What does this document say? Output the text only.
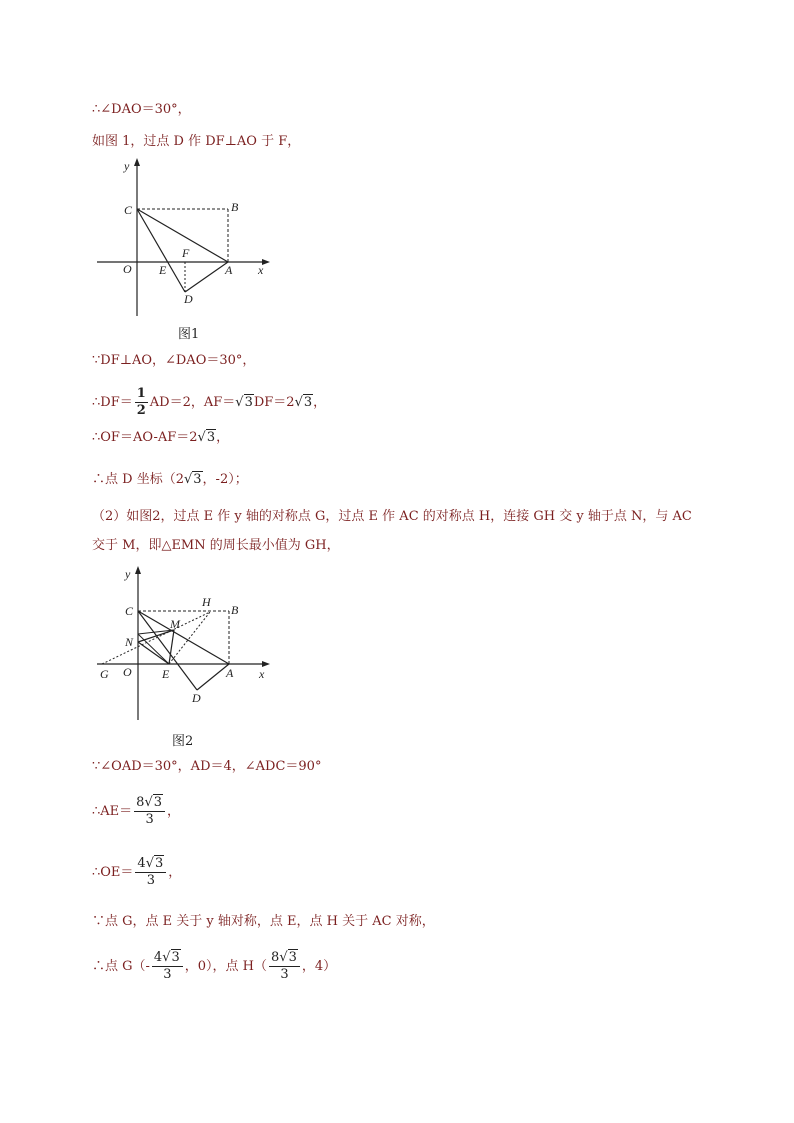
∴∠DAO＝30°，
如图 1，过点 D 作 DF⊥AO 于 F，
y
x
C	B
F
O E	A
D
图1
∵DF⊥AO，∠DAO＝30°，
∴DF＝ $\frac{1}{2} AD=2$，AF＝√3DF＝2√3，
∴OF＝AO-AF＝2√3，
∴点 D 坐标（2√3，-2）；
（2）如图2，过点 E 作 y 轴的对称点 G，过点 E 作 AC 的对称点 H，连接 GH 交 y 轴于点 N，与 AC
交于 M，即△EMN 的周长最小值为 GH，
y
x
C
H
B
M
N
G O	E	A
D
图2
∵∠OAD＝30°，AD＝4，∠ADC＝90°
∴AE＝ $\frac{8√3}{3}$ ，
∴OE＝ $\frac{4√3}{3}$ ，
∵点 G，点 E 关于 y 轴对称，点 E，点 H 关于 AC 对称，
∴点 $G(- \frac{4√3}{3}$ ，0），点 $H( \frac{8√3}{3}$ ，4）
